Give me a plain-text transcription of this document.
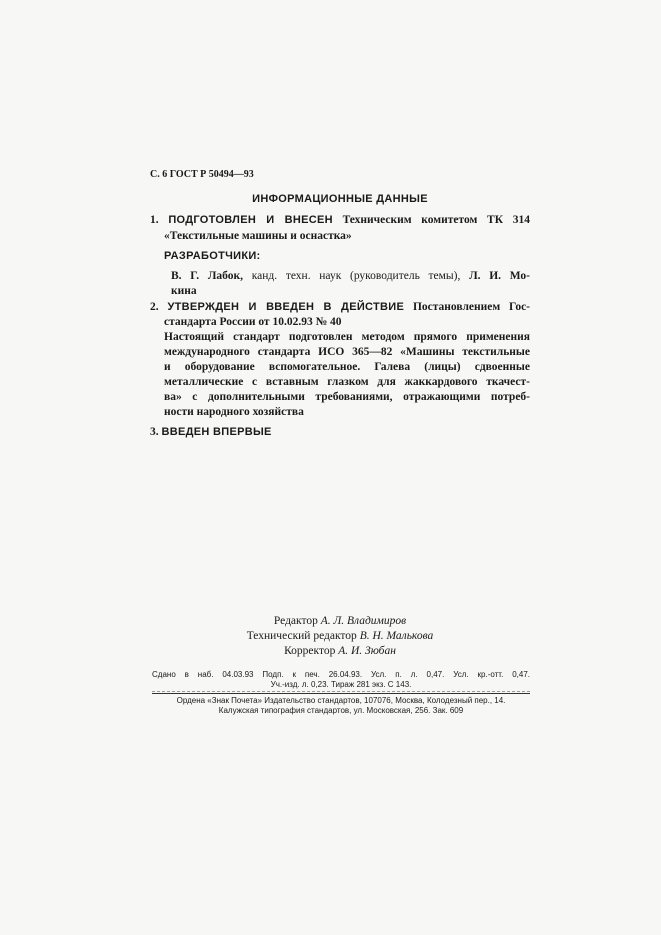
С. 6 ГОСТ Р 50494—93
ИНФОРМАЦИОННЫЕ ДАННЫЕ
1. ПОДГОТОВЛЕН И ВНЕСЕН Техническим комитетом ТК 314
«Текстильные машины и оснастка»
РАЗРАБОТЧИКИ:
В. Г. Лабок, канд. техн. наук (руководитель темы), Л. И. Мо-
кина
2. УТВЕРЖДЕН И ВВЕДЕН В ДЕЙСТВИЕ Постановлением Гос-
стандарта России от 10.02.93 № 40
Настоящий стандарт подготовлен методом прямого применения
международного стандарта ИСО 365—82 «Машины текстильные
и оборудование вспомогательное. Галева (лицы) сдвоенные
металлические с вставным глазком для жаккардового ткачест-
ва» с дополнительными требованиями, отражающими потреб-
ности народного хозяйства
3. ВВЕДЕН ВПЕРВЫЕ
Редактор А. Л. Владимиров
Технический редактор В. Н. Малькова
Корректор А. И. Зюбан
Сдано в наб. 04.03.93 Подп. к печ. 26.04.93. Усл. п. л. 0,47. Усл. кр.-отт. 0,47.
Уч.-изд. л. 0,23. Тираж 281 экз. С 143.
Ордена «Знак Почета» Издательство стандартов, 107076, Москва, Колодезный пер., 14.
Калужская типография стандартов, ул. Московская, 256. Зак. 609
